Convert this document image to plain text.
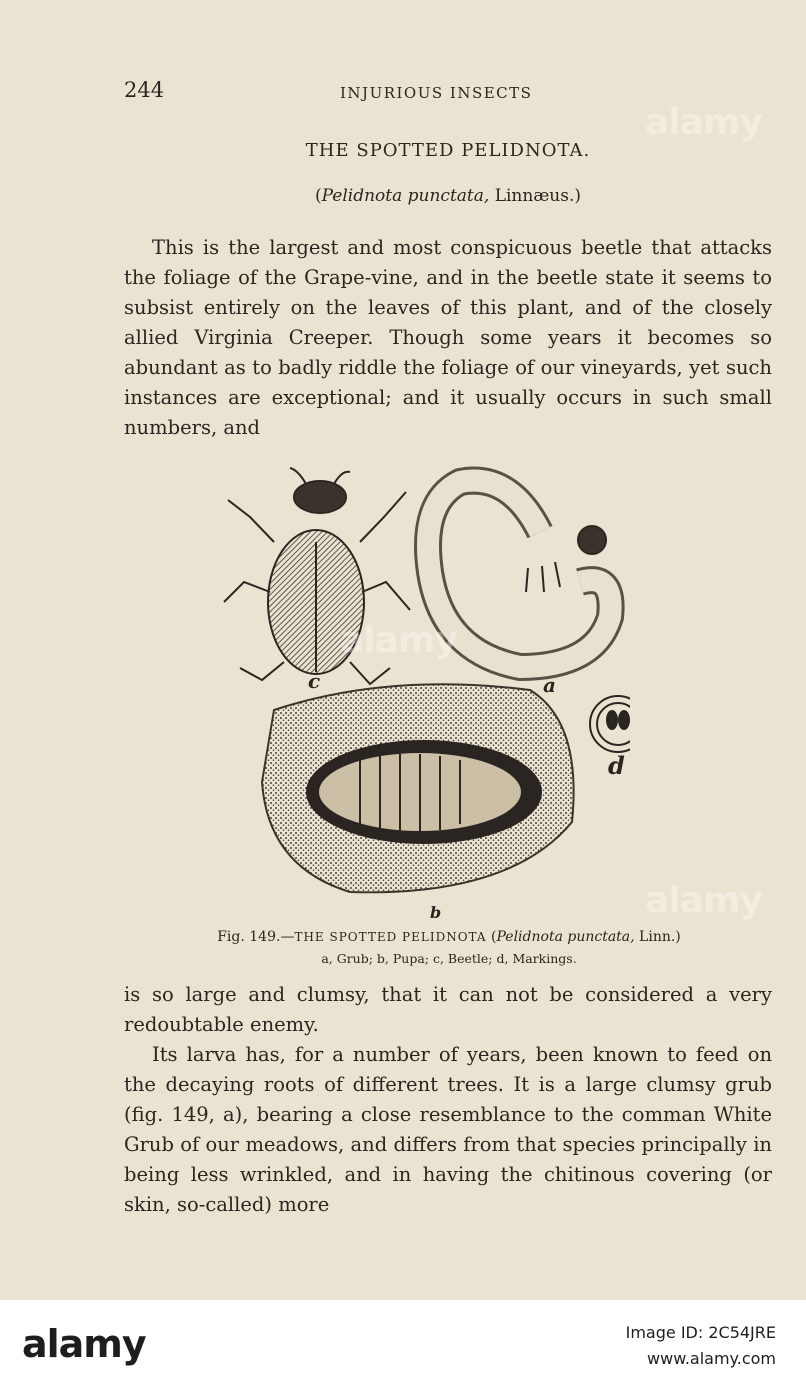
244	INJURIOUS INSECTS
THE SPOTTED PELIDNOTA.
(Pelidnota punctata, Linnæus.)

This is the largest and most conspicuous beetle that attacks the foliage of the Grape-vine, and in the beetle state it seems to subsist entirely on the leaves of this plant, and of the closely allied Virginia Creeper. Though some years it becomes so abundant as to badly riddle the foliage of our vineyards, yet such instances are exceptional; and it usually occurs in such small numbers, and

c	a
b
d
Fig. 149.—THE SPOTTED PELIDNOTA (Pelidnota punctata, Linn.)
a, Grub; b, Pupa; c, Beetle; d, Markings.

is so large and clumsy, that it can not be considered a very redoubtable enemy.

Its larva has, for a number of years, been known to feed on the decaying roots of different trees. It is a large clumsy grub (fig. 149, a), bearing a close resemblance to the comman White Grub of our meadows, and differs from that species principally in being less wrinkled, and in having the chitinous covering (or skin, so-called) more

alamy
alamy
alamy
alamy	Image ID: 2C54JRE
www.alamy.com
